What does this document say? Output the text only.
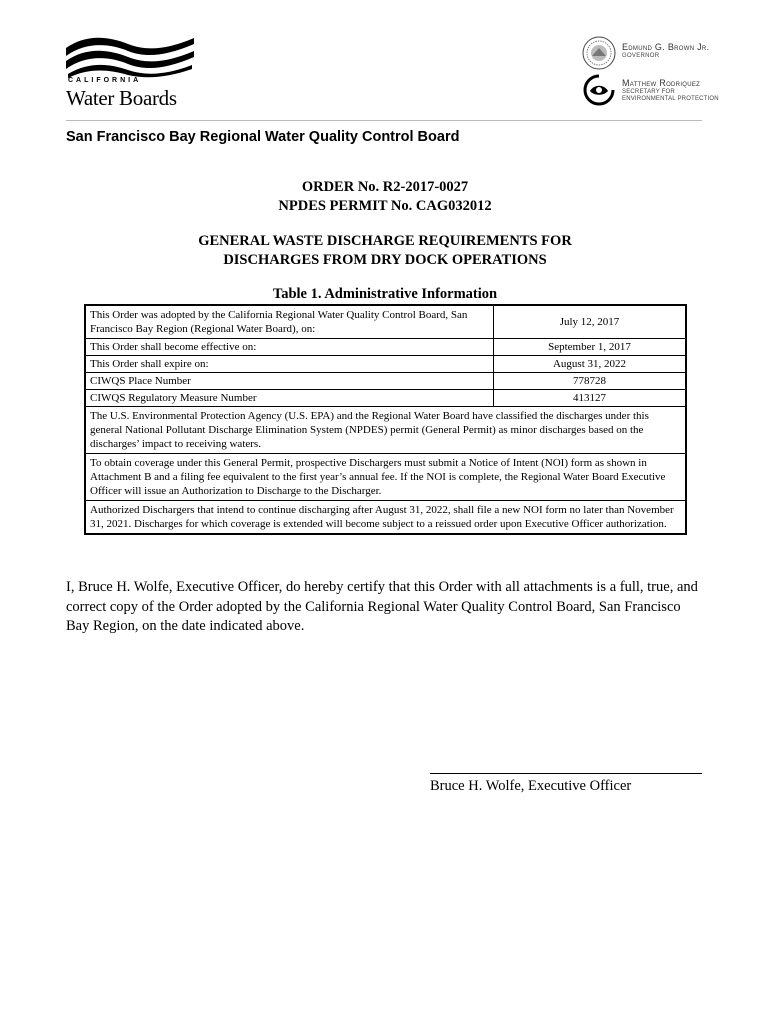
CALIFORNIA
Water Boards
Edmund G. Brown Jr.
GOVERNOR
Matthew Rodriquez
SECRETARY FOR ENVIRONMENTAL PROTECTION
San Francisco Bay Regional Water Quality Control Board
ORDER No. R2-2017-0027
NPDES PERMIT No. CAG032012
GENERAL WASTE DISCHARGE REQUIREMENTS FOR
DISCHARGES FROM DRY DOCK OPERATIONS
Table 1. Administrative Information
This Order was adopted by the California Regional Water Quality Control Board, San Francisco Bay Region (Regional Water Board), on:	July 12, 2017
This Order shall become effective on:	September 1, 2017
This Order shall expire on:	August 31, 2022
CIWQS Place Number	778728
CIWQS Regulatory Measure Number	413127
The U.S. Environmental Protection Agency (U.S. EPA) and the Regional Water Board have classified the discharges under this general National Pollutant Discharge Elimination System (NPDES) permit (General Permit) as minor discharges based on the discharges’ impact to receiving waters.	
To obtain coverage under this General Permit, prospective Dischargers must submit a Notice of Intent (NOI) form as shown in Attachment B and a filing fee equivalent to the first year’s annual fee. If the NOI is complete, the Regional Water Board Executive Officer will issue an Authorization to Discharge to the Discharger.	
Authorized Dischargers that intend to continue discharging after August 31, 2022, shall file a new NOI form no later than November 31, 2021. Discharges for which coverage is extended will become subject to a reissued order upon Executive Officer authorization.	
I, Bruce H. Wolfe, Executive Officer, do hereby certify that this Order with all attachments is a full, true, and correct copy of the Order adopted by the California Regional Water Quality Control Board, San Francisco Bay Region, on the date indicated above.
Bruce H. Wolfe, Executive Officer
